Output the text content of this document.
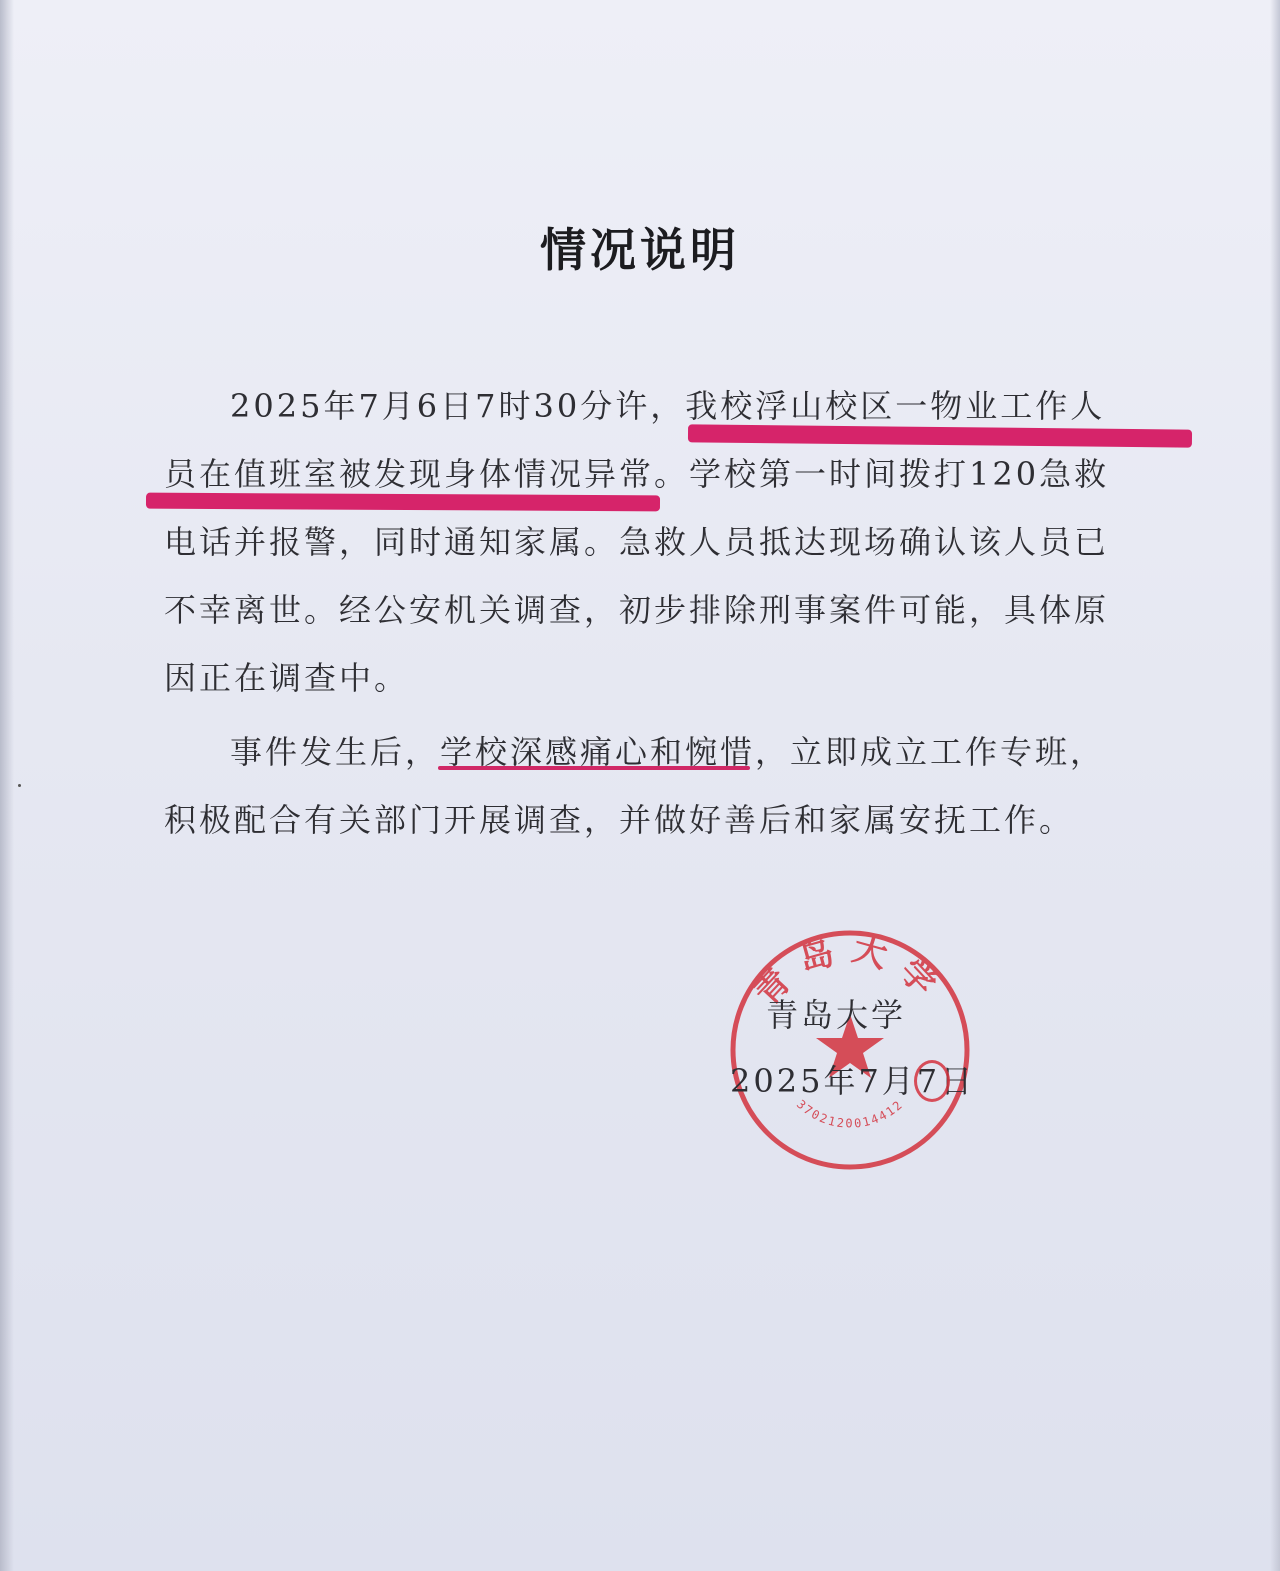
情况说明
2025年7月6日7时30分许，我校浮山校区一物业工作人员在值班室被发现身体情况异常。学校第一时间拨打120急救电话并报警，同时通知家属。急救人员抵达现场确认该人员已不幸离世。经公安机关调查，初步排除刑事案件可能，具体原因正在调查中。
事件发生后，学校深感痛心和惋惜，立即成立工作专班，积极配合有关部门开展调查，并做好善后和家属安抚工作。
青岛大学
3702120014412
青岛大学
2025年7月7日
